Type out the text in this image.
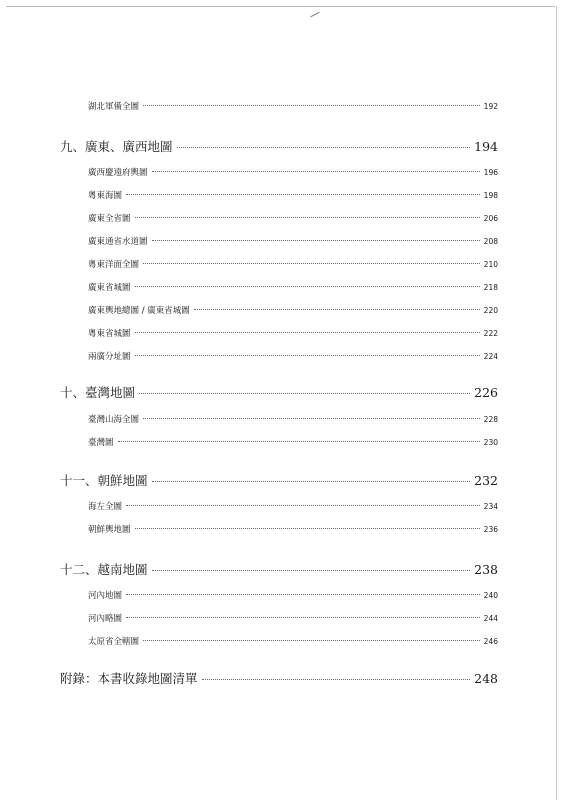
湖北軍備全圖	192
九、廣東、廣西地圖	194
廣西慶遠府輿圖	196
粵東海圖	198
廣東全省圖	206
廣東通省水道圖	208
粵東洋面全圖	210
廣東省城圖	218
廣東輿地總圖 / 廣東省城圖	220
粵東省城圖	222
兩廣分址圖	224
十、臺灣地圖	226
臺灣山海全圖	228
臺灣圖	230
十一、朝鮮地圖	232
海左全圖	234
朝鮮輿地圖	236
十二、越南地圖	238
河內地圖	240
河內略圖	244
太原省全轄圖	246
附錄：本書收錄地圖清單	248
